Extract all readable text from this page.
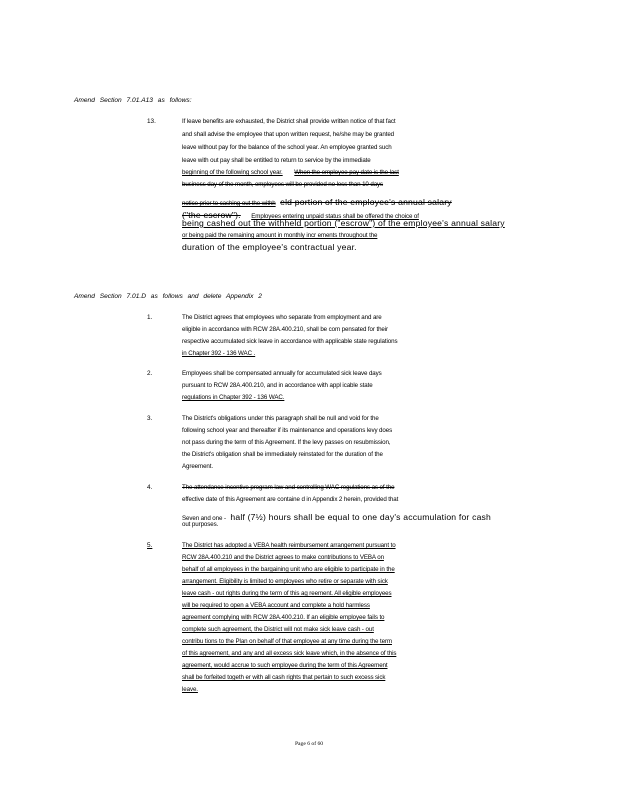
Amend Section 7.01.A13 as follows:
13.	If leave benefits are exhausted, the District shall provide written notice of that fact
and shall advise the employee that upon written request, he/she may be granted
leave without pay for the balance of the school year. An employee granted such
leave with out pay shall be entitled to return to service by the immediate
beginning of the following school year. When the employee pay date is the last
business day of the month, employees will be provided no less than 10 days
notice prior to cashing out the withh eld portion of the employee's annual salary
("the escrow"). Employees entering unpaid status shall be offered the choice of
being cashed out the withheld portion ("escrow") of the employee's annual salary
or being paid the remaining amount in monthly incr ements throughout the
duration of the employee's contractual year.
Amend Section 7.01.D as follows and delete Appendix 2
1.	The District agrees that employees who separate from employment and are
eligible in accordance with RCW 28A.400.210, shall be com pensated for their
respective accumulated sick leave in accordance with applicable state regulations
in Chapter 392 - 136 WAC .
2.	Employees shall be compensated annually for accumulated sick leave days
pursuant to RCW 28A.400.210, and in accordance with appl icable state
regulations in Chapter 392 - 136 WAC.
3.	The District's obligations under this paragraph shall be null and void for the
following school year and thereafter if its maintenance and operations levy does
not pass during the term of this Agreement. If the levy passes on resubmission,
the District's obligation shall be immediately reinstated for the duration of the
Agreement.
4.	The attendance incentive program law and controlling WAC regulations as of the
effective date of this Agreement are containe d in Appendix 2 herein, provided that
Seven and one - half (7½) hours shall be equal to one day's accumulation for cash
out purposes.
5.	The District has adopted a VEBA health reimbursement arrangement pursuant to
RCW 28A.400.210 and the District agrees to make contributions to VEBA on
behalf of all employees in the bargaining unit who are eligible to participate in the
arrangement. Eligibility is limited to employees who retire or separate with sick
leave cash - out rights during the term of this ag reement. All eligible employees
will be required to open a VEBA account and complete a hold harmless
agreement complying with RCW 28A.400.210. If an eligible employee fails to
complete such agreement, the District will not make sick leave cash - out
contribu tions to the Plan on behalf of that employee at any time during the term
of this agreement, and any and all excess sick leave which, in the absence of this
agreement, would accrue to such employee during the term of this Agreement
shall be forfeited togeth er with all cash rights that pertain to such excess sick
leave.
Page 6 of 60
